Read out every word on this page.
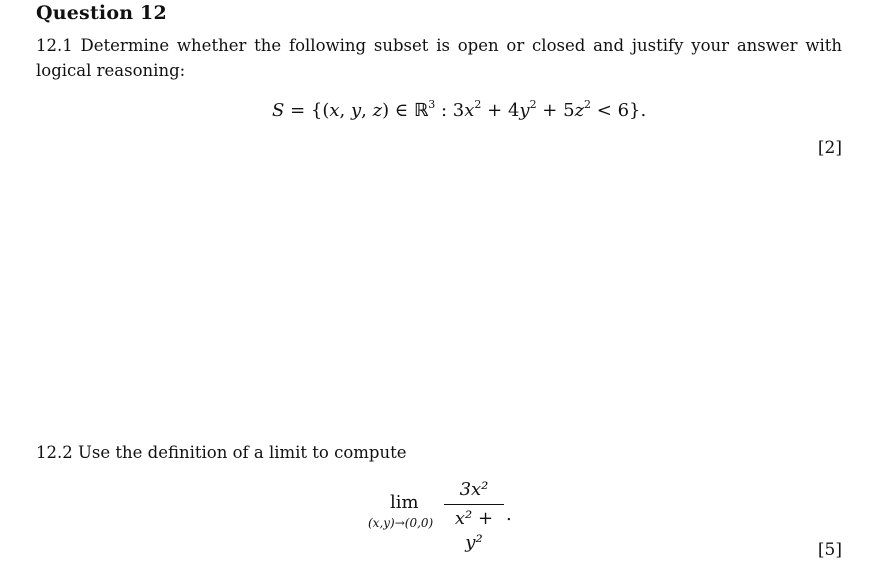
Question 12
12.1 Determine whether the following subset is open or closed and justify your answer with logical reasoning:
S = {(x, y, z) ∈ ℝ$^3$ : $3x^2 + 4y^2 + 5z^2 < 6$}.
[2]
12.2 Use the definition of a limit to compute
lim
(x,y)→(0,0)
3x²
x² + y²
.
[5]
